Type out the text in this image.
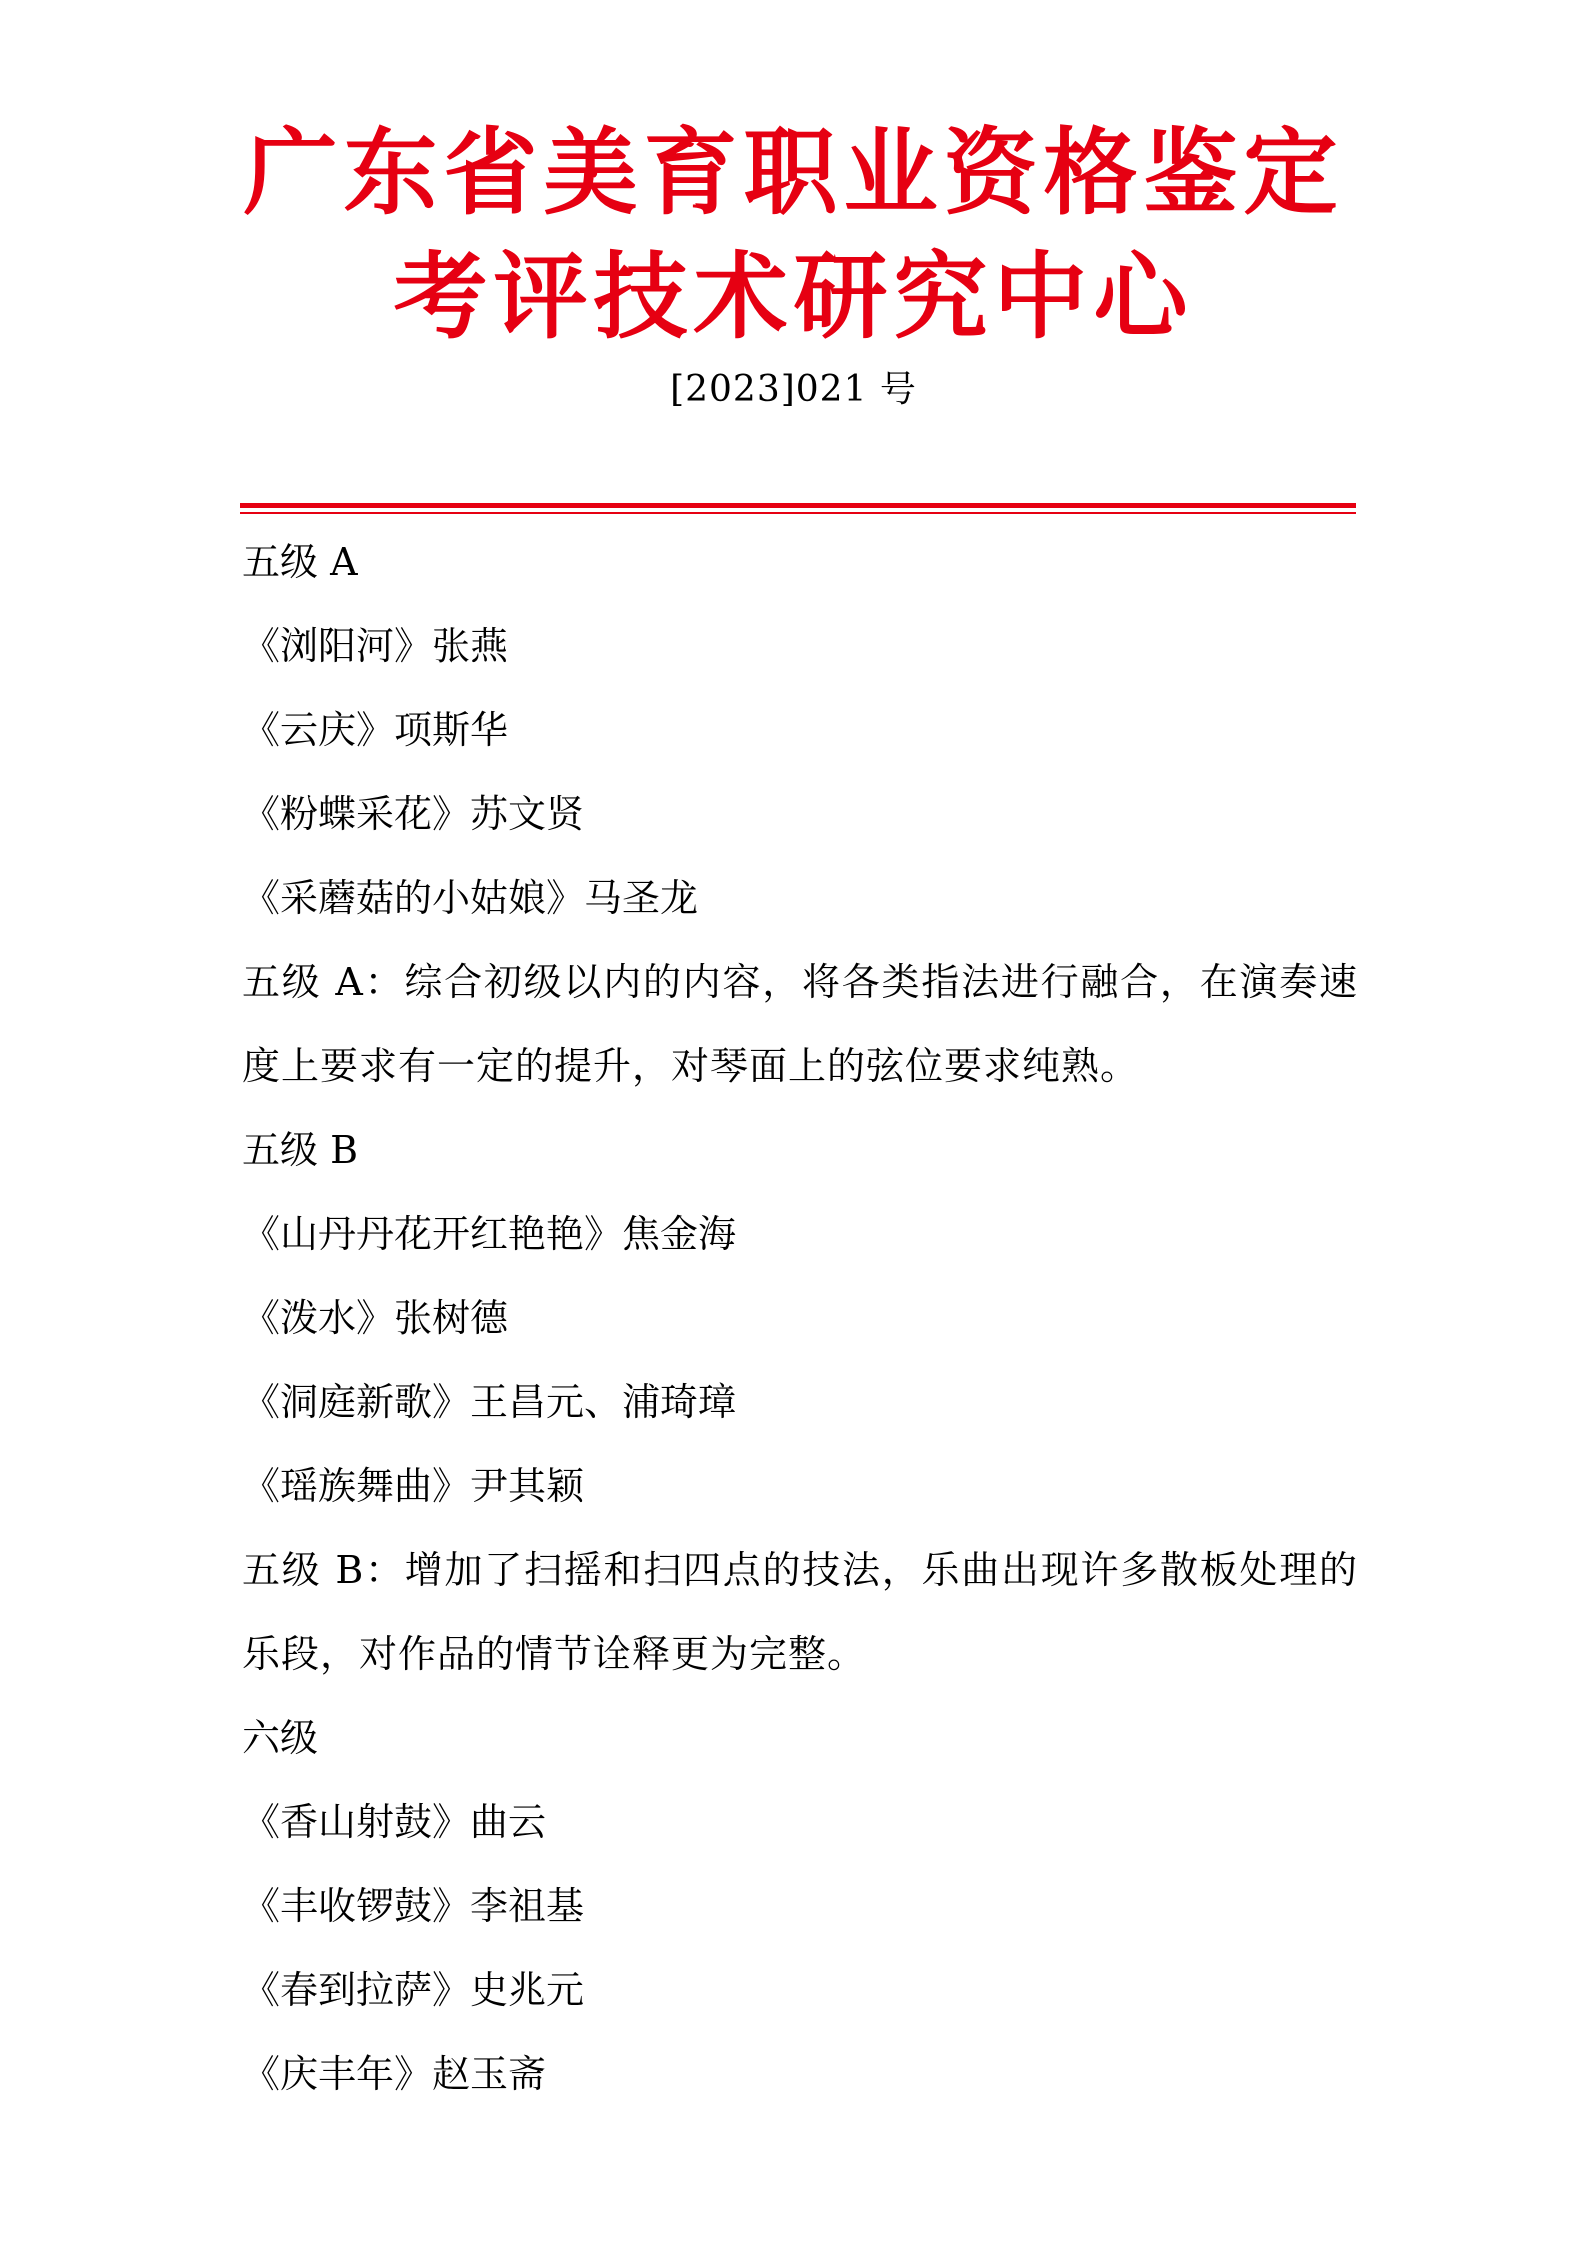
广东省美育职业资格鉴定
考评技术研究中心
[2023]021 号
五级 A
《浏阳河》张燕
《云庆》项斯华
《粉蝶采花》苏文贤
《采蘑菇的小姑娘》马圣龙
五级 A：综合初级以内的内容，将各类指法进行融合，在演奏速度上要求有一定的提升，对琴面上的弦位要求纯熟。
五级 B
《山丹丹花开红艳艳》焦金海
《泼水》张树德
《洞庭新歌》王昌元、浦琦璋
《瑶族舞曲》尹其颖
五级 B：增加了扫摇和扫四点的技法，乐曲出现许多散板处理的乐段，对作品的情节诠释更为完整。
六级
《香山射鼓》曲云
《丰收锣鼓》李祖基
《春到拉萨》史兆元
《庆丰年》赵玉斋
